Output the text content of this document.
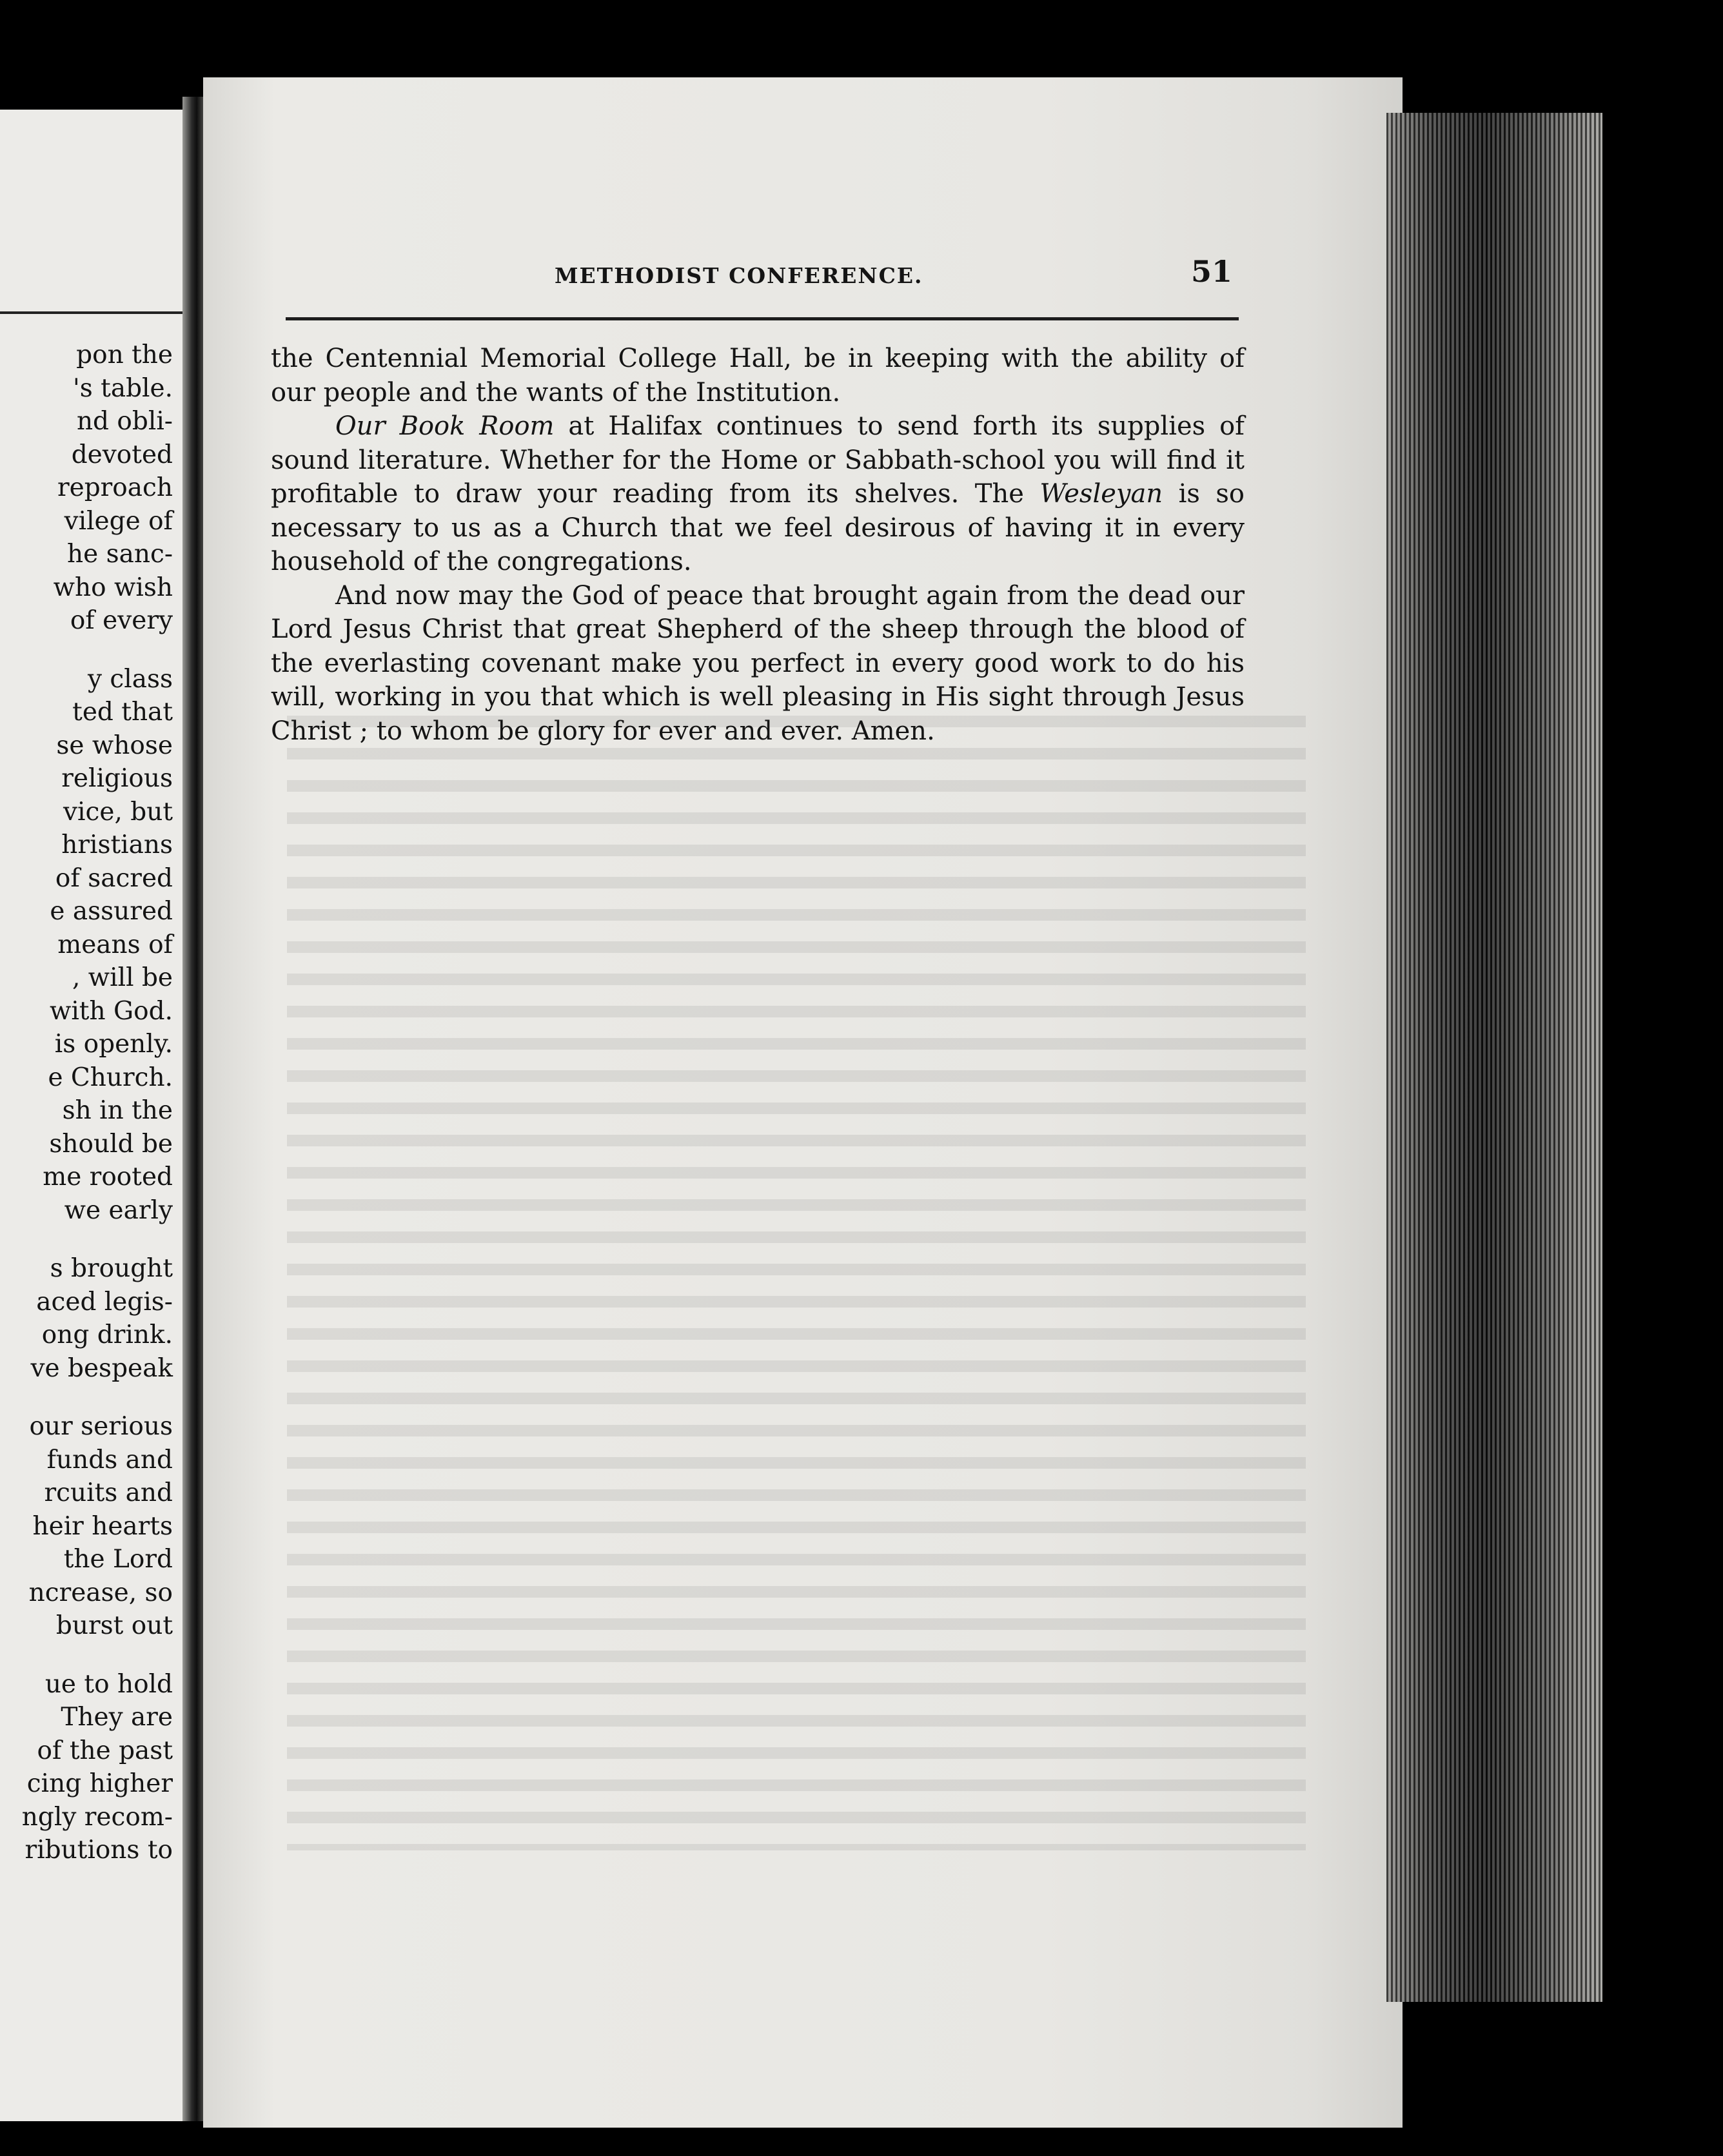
pon the
's table.
nd obli-
devoted
reproach
vilege of
he sanc-
who wish
of every
y class
ted that
se whose
religious
vice, but
hristians
of sacred
e assured
means of
, will be
with God.
is openly.
e Church.
sh in the
should be
me rooted
we early
s brought
aced legis-
ong drink.
ve bespeak
our serious
funds and
rcuits and
heir hearts
the Lord
ncrease, so
burst out
ue to hold
They are
of the past
cing higher
ngly recom-
ributions to
METHODIST CONFERENCE.	51

the Centennial Memorial College Hall, be in keeping with the ability of our people and the wants of the Institution.

Our Book Room at Halifax continues to send forth its supplies of sound literature. Whether for the Home or Sabbath-school you will find it profitable to draw your reading from its shelves. The Wesleyan is so necessary to us as a Church that we feel desirous of having it in every household of the congregations.

And now may the God of peace that brought again from the dead our Lord Jesus Christ that great Shepherd of the sheep through the blood of the everlasting covenant make you perfect in every good work to do his will, working in you that which is well pleasing in His sight through Jesus Christ ; to whom be glory for ever and ever. Amen.
